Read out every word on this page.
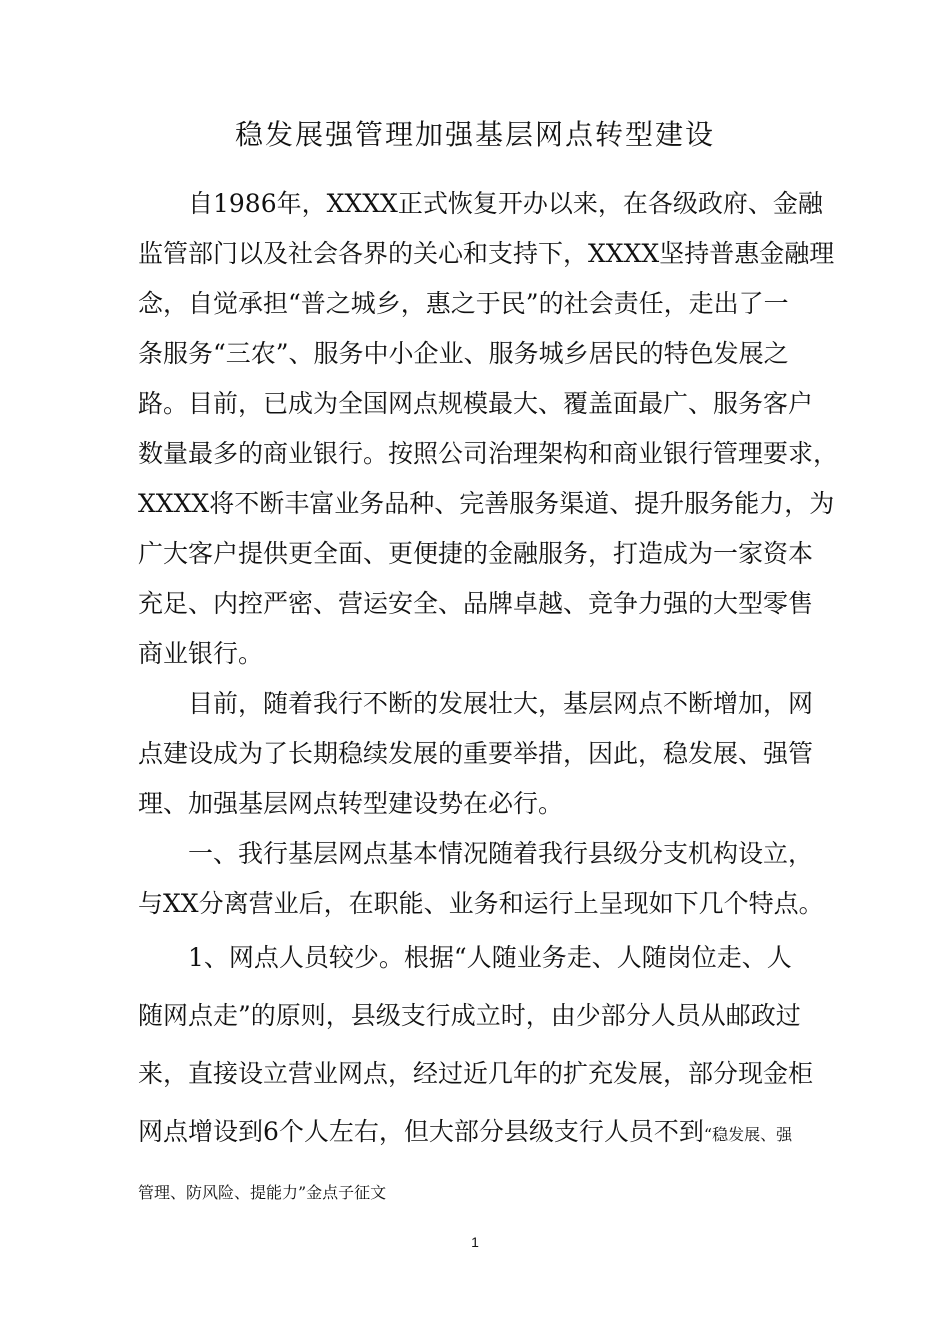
稳发展强管理加强基层网点转型建设
自1986年，XXXX正式恢复开办以来，在各级政府、金融
监管部门以及社会各界的关心和支持下，XXXX坚持普惠金融理
念，自觉承担“普之城乡，惠之于民”的社会责任，走出了一
条服务“三农”、服务中小企业、服务城乡居民的特色发展之
路。目前，已成为全国网点规模最大、覆盖面最广、服务客户
数量最多的商业银行。按照公司治理架构和商业银行管理要求，
XXXX将不断丰富业务品种、完善服务渠道、提升服务能力，为
广大客户提供更全面、更便捷的金融服务，打造成为一家资本
充足、内控严密、营运安全、品牌卓越、竞争力强的大型零售
商业银行。
目前，随着我行不断的发展壮大，基层网点不断增加，网
点建设成为了长期稳续发展的重要举措，因此，稳发展、强管
理、加强基层网点转型建设势在必行。
一、我行基层网点基本情况随着我行县级分支机构设立，
与XX分离营业后，在职能、业务和运行上呈现如下几个特点。
1、网点人员较少。根据“人随业务走、人随岗位走、人
随网点走”的原则，县级支行成立时，由少部分人员从邮政过
来，直接设立营业网点，经过近几年的扩充发展，部分现金柜
网点增设到6个人左右，但大部分县级支行人员不到“稳发展、强
管理、防风险、提能力”金点子征文
1
